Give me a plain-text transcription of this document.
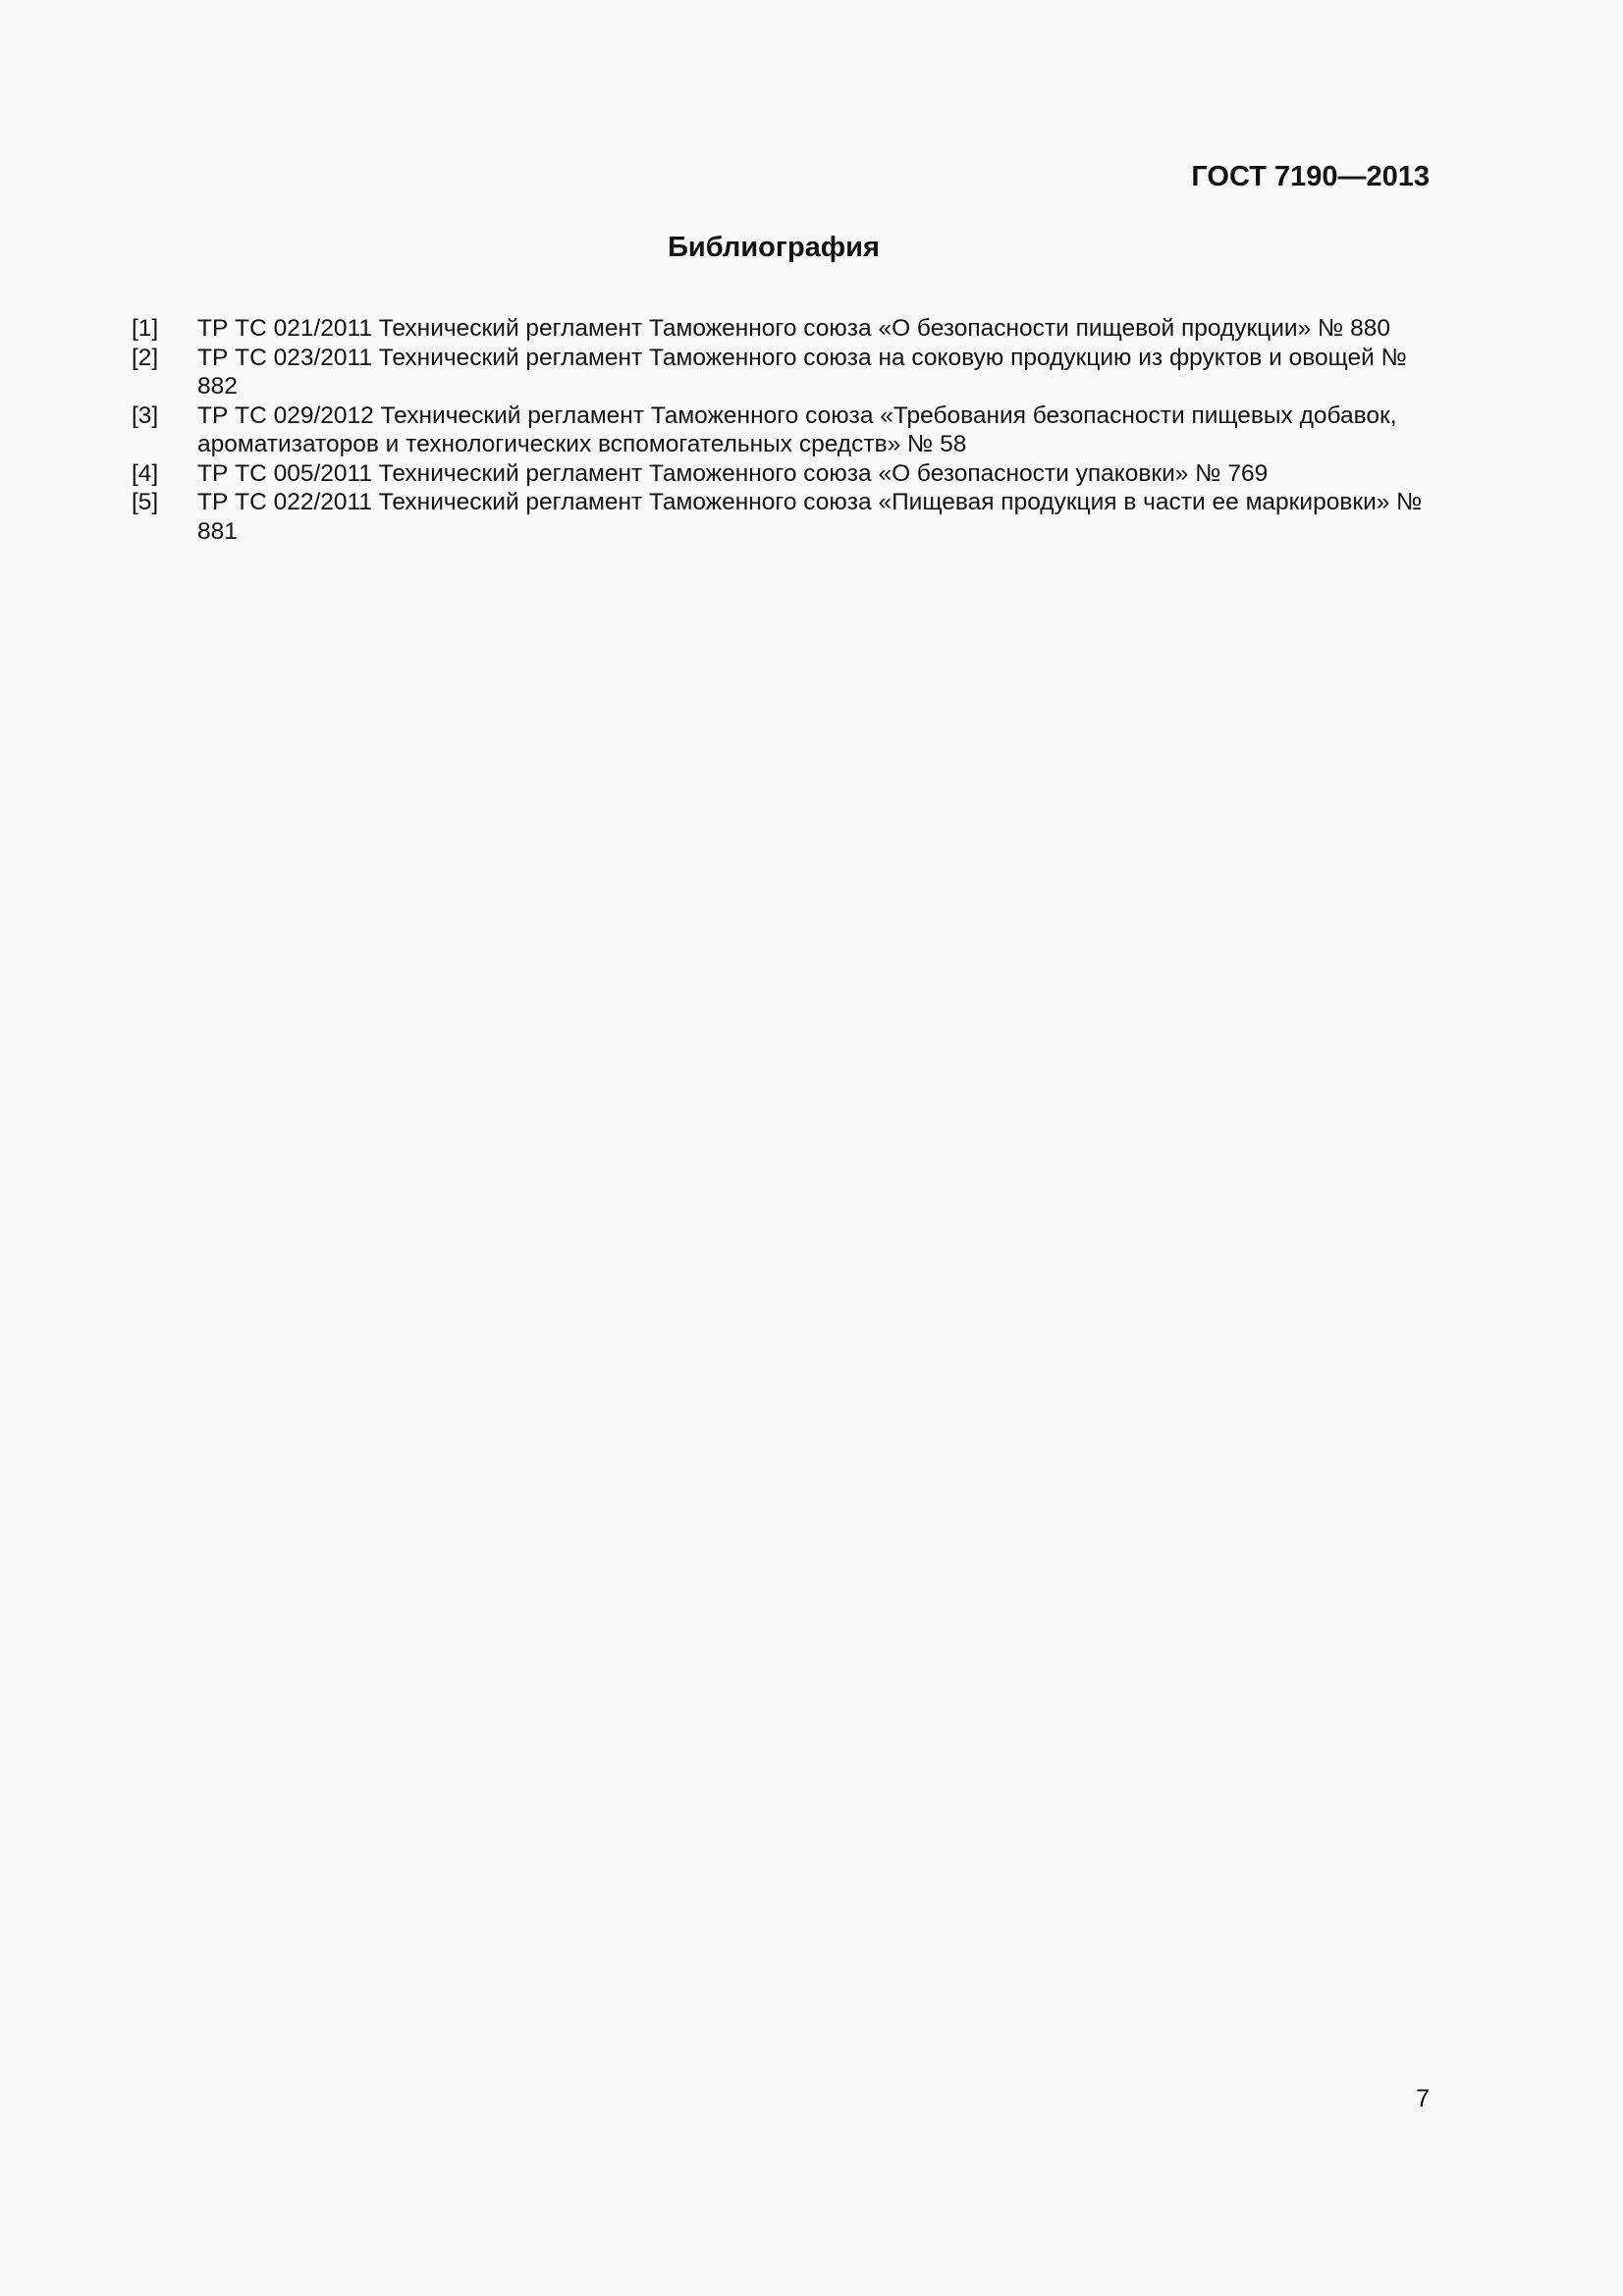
ГОСТ 7190—2013
Библиография
[1]	ТР ТС 021/2011 Технический регламент Таможенного союза «О безопасности пищевой продукции» № 880
[2]	ТР ТС 023/2011 Технический регламент Таможенного союза на соковую продукцию из фруктов и овощей № 882
[3]	ТР ТС 029/2012 Технический регламент Таможенного союза «Требования безопасности пищевых добавок, ароматизаторов и технологических вспомогательных средств» № 58
[4]	ТР ТС 005/2011 Технический регламент Таможенного союза «О безопасности упаковки» № 769
[5]	ТР ТС 022/2011 Технический регламент Таможенного союза «Пищевая продукция в части ее маркировки» № 881
7
